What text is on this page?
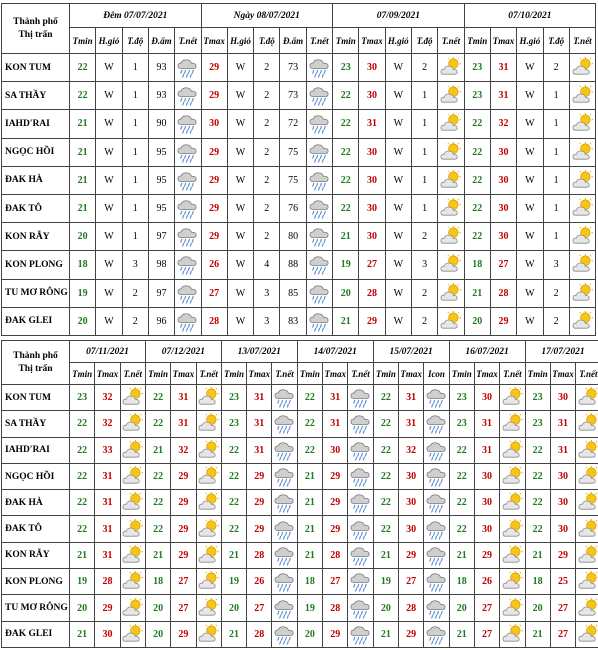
Thành phố
Thị trấn	Đêm 07/07/2021					Ngày 08/07/2021					07/09/2021					07/10/2021				
	Tmin	H.gió	T.độ	Đ.ẩm	T.nết	Tmax	H.gió	T.độ	Đ.ẩm	T.nết	Tmin	Tmax	H.gió	T.độ	T.nết	Tmin	Tmax	H.gió	T.độ	T.nết
KON TUM	22	W	1	93		29	W	2	73		23	30	W	2		23	31	W	2	

SA THẦY	22	W	1	93		29	W	2	73		22	30	W	1		23	31	W	1	

IAHD'RAI	21	W	1	90		30	W	2	72		22	31	W	1		22	32	W	1	

NGỌC HỒI	21	W	1	95		29	W	2	75		22	30	W	1		22	30	W	1	

ĐAK HÀ	21	W	1	95		29	W	2	75		22	30	W	1		22	30	W	1	

ĐAK TÔ	21	W	1	95		29	W	2	76		22	30	W	1		22	30	W	1	

KON RẪY	20	W	1	97		29	W	2	80		21	30	W	2		22	30	W	1	

KON PLONG	18	W	3	98		26	W	4	88		19	27	W	3		18	27	W	3	

TU MƠ RÔNG	19	W	2	97		27	W	3	85		20	28	W	2		21	28	W	2	

ĐAK GLEI	20	W	2	96		28	W	3	83		21	29	W	2		20	29	W	2	
Thành phố
Thị trấn	07/11/2021			07/12/2021			13/07/2021			14/07/2021			15/07/2021			16/07/2021			17/07/2021		
	Tmin	Tmax	T.nết	Tmin	Tmax	T.nết	Tmin	Tmax	T.nết	Tmin	Tmax	T.nết	Tmin	Tmax	Icon	Tmin	Tmax	T.nết	Tmin	Tmax	T.nết
KON TUM	23	32		22	31		23	31		22	31		22	31		23	30		23	30	

SA THẦY	22	32		22	31		23	31		22	31		22	31		23	31		23	31	

IAHD'RAI	22	33		21	32		22	31		22	30		22	32		22	31		22	31	

NGỌC HỒI	22	31		22	29		22	29		21	29		22	30		22	30		22	30	

ĐAK HÀ	22	31		22	29		22	29		21	29		22	30		22	30		22	30	

ĐAK TÔ	22	31		22	29		22	29		21	29		22	30		22	30		22	30	

KON RẪY	21	31		21	29		21	28		21	28		21	29		21	29		21	29	

KON PLONG	19	28		18	27		19	26		18	27		19	27		18	26		18	25	

TU MƠ RÔNG	20	29		20	27		20	27		19	28		20	28		20	27		20	27	

ĐAK GLEI	21	30		20	29		21	28		20	29		21	29		21	27		21	27	
